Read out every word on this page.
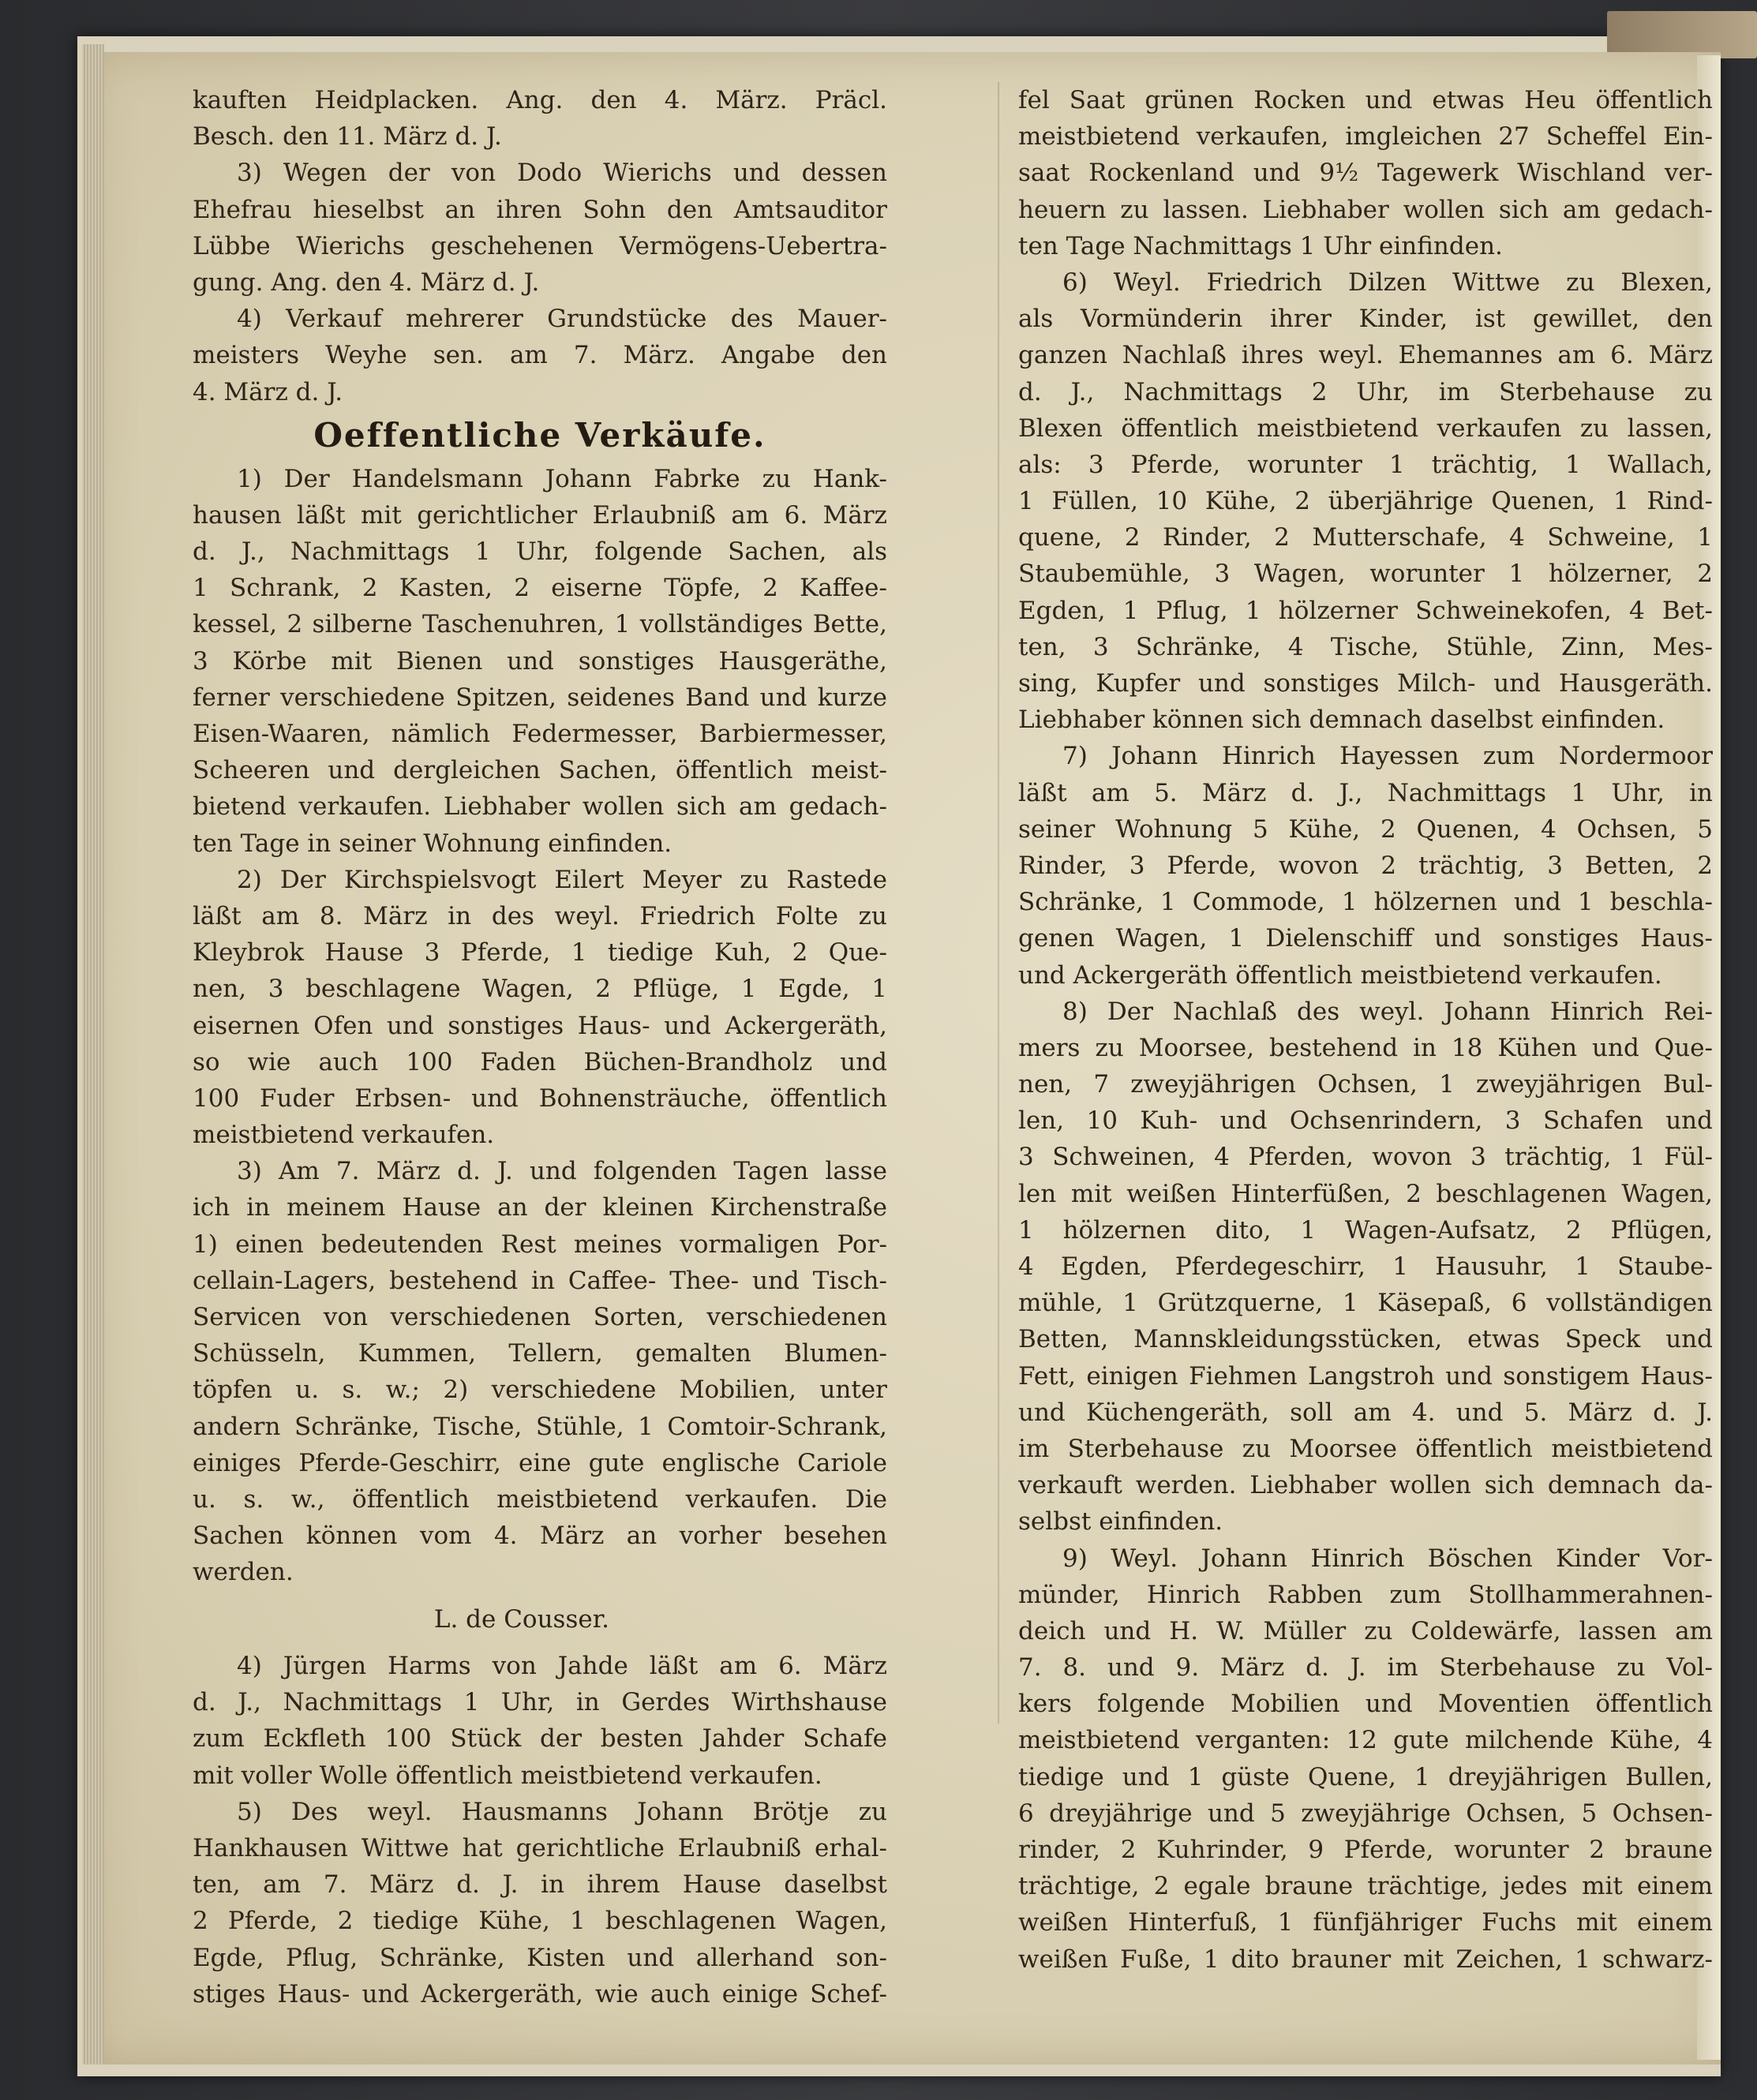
kauften Heidplacken. Ang. den 4. März. Präcl.
Besch. den 11. März d. J.
3) Wegen der von Dodo Wierichs und dessen
Ehefrau hieselbst an ihren Sohn den Amtsauditor
Lübbe Wierichs geschehenen Vermögens-Uebertra-
gung. Ang. den 4. März d. J.
4) Verkauf mehrerer Grundstücke des Mauer-
meisters Weyhe sen. am 7. März. Angabe den
4. März d. J.
Oeffentliche Verkäufe.
1) Der Handelsmann Johann Fabrke zu Hank-
hausen läßt mit gerichtlicher Erlaubniß am 6. März
d. J., Nachmittags 1 Uhr, folgende Sachen, als
1 Schrank, 2 Kasten, 2 eiserne Töpfe, 2 Kaffee-
kessel, 2 silberne Taschenuhren, 1 vollständiges Bette,
3 Körbe mit Bienen und sonstiges Hausgeräthe,
ferner verschiedene Spitzen, seidenes Band und kurze
Eisen-Waaren, nämlich Federmesser, Barbiermesser,
Scheeren und dergleichen Sachen, öffentlich meist-
bietend verkaufen. Liebhaber wollen sich am gedach-
ten Tage in seiner Wohnung einfinden.
2) Der Kirchspielsvogt Eilert Meyer zu Rastede
läßt am 8. März in des weyl. Friedrich Folte zu
Kleybrok Hause 3 Pferde, 1 tiedige Kuh, 2 Que-
nen, 3 beschlagene Wagen, 2 Pflüge, 1 Egde, 1
eisernen Ofen und sonstiges Haus- und Ackergeräth,
so wie auch 100 Faden Büchen-Brandholz und
100 Fuder Erbsen- und Bohnensträuche, öffentlich
meistbietend verkaufen.
3) Am 7. März d. J. und folgenden Tagen lasse
ich in meinem Hause an der kleinen Kirchenstraße
1) einen bedeutenden Rest meines vormaligen Por-
cellain-Lagers, bestehend in Caffee- Thee- und Tisch-
Servicen von verschiedenen Sorten, verschiedenen
Schüsseln, Kummen, Tellern, gemalten Blumen-
töpfen u. s. w.; 2) verschiedene Mobilien, unter
andern Schränke, Tische, Stühle, 1 Comtoir-Schrank,
einiges Pferde-Geschirr, eine gute englische Cariole
u. s. w., öffentlich meistbietend verkaufen. Die
Sachen können vom 4. März an vorher besehen
werden.L. de Cousser.
4) Jürgen Harms von Jahde läßt am 6. März
d. J., Nachmittags 1 Uhr, in Gerdes Wirthshause
zum Eckfleth 100 Stück der besten Jahder Schafe
mit voller Wolle öffentlich meistbietend verkaufen.
5) Des weyl. Hausmanns Johann Brötje zu
Hankhausen Wittwe hat gerichtliche Erlaubniß erhal-
ten, am 7. März d. J. in ihrem Hause daselbst
2 Pferde, 2 tiedige Kühe, 1 beschlagenen Wagen,
Egde, Pflug, Schränke, Kisten und allerhand son-
stiges Haus- und Ackergeräth, wie auch einige Schef-
fel Saat grünen Rocken und etwas Heu öffentlich
meistbietend verkaufen, imgleichen 27 Scheffel Ein-
saat Rockenland und 9½ Tagewerk Wischland ver-
heuern zu lassen. Liebhaber wollen sich am gedach-
ten Tage Nachmittags 1 Uhr einfinden.
6) Weyl. Friedrich Dilzen Wittwe zu Blexen,
als Vormünderin ihrer Kinder, ist gewillet, den
ganzen Nachlaß ihres weyl. Ehemannes am 6. März
d. J., Nachmittags 2 Uhr, im Sterbehause zu
Blexen öffentlich meistbietend verkaufen zu lassen,
als: 3 Pferde, worunter 1 trächtig, 1 Wallach,
1 Füllen, 10 Kühe, 2 überjährige Quenen, 1 Rind-
quene, 2 Rinder, 2 Mutterschafe, 4 Schweine, 1
Staubemühle, 3 Wagen, worunter 1 hölzerner, 2
Egden, 1 Pflug, 1 hölzerner Schweinekofen, 4 Bet-
ten, 3 Schränke, 4 Tische, Stühle, Zinn, Mes-
sing, Kupfer und sonstiges Milch- und Hausgeräth.
Liebhaber können sich demnach daselbst einfinden.
7) Johann Hinrich Hayessen zum Nordermoor
läßt am 5. März d. J., Nachmittags 1 Uhr, in
seiner Wohnung 5 Kühe, 2 Quenen, 4 Ochsen, 5
Rinder, 3 Pferde, wovon 2 trächtig, 3 Betten, 2
Schränke, 1 Commode, 1 hölzernen und 1 beschla-
genen Wagen, 1 Dielenschiff und sonstiges Haus-
und Ackergeräth öffentlich meistbietend verkaufen.
8) Der Nachlaß des weyl. Johann Hinrich Rei-
mers zu Moorsee, bestehend in 18 Kühen und Que-
nen, 7 zweyjährigen Ochsen, 1 zweyjährigen Bul-
len, 10 Kuh- und Ochsenrindern, 3 Schafen und
3 Schweinen, 4 Pferden, wovon 3 trächtig, 1 Fül-
len mit weißen Hinterfüßen, 2 beschlagenen Wagen,
1 hölzernen dito, 1 Wagen-Aufsatz, 2 Pflügen,
4 Egden, Pferdegeschirr, 1 Hausuhr, 1 Staube-
mühle, 1 Grützquerne, 1 Käsepaß, 6 vollständigen
Betten, Mannskleidungsstücken, etwas Speck und
Fett, einigen Fiehmen Langstroh und sonstigem Haus-
und Küchengeräth, soll am 4. und 5. März d. J.
im Sterbehause zu Moorsee öffentlich meistbietend
verkauft werden. Liebhaber wollen sich demnach da-
selbst einfinden.
9) Weyl. Johann Hinrich Böschen Kinder Vor-
münder, Hinrich Rabben zum Stollhammerahnen-
deich und H. W. Müller zu Coldewärfe, lassen am
7. 8. und 9. März d. J. im Sterbehause zu Vol-
kers folgende Mobilien und Moventien öffentlich
meistbietend verganten: 12 gute milchende Kühe, 4
tiedige und 1 güste Quene, 1 dreyjährigen Bullen,
6 dreyjährige und 5 zweyjährige Ochsen, 5 Ochsen-
rinder, 2 Kuhrinder, 9 Pferde, worunter 2 braune
trächtige, 2 egale braune trächtige, jedes mit einem
weißen Hinterfuß, 1 fünfjähriger Fuchs mit einem
weißen Fuße, 1 dito brauner mit Zeichen, 1 schwarz-
